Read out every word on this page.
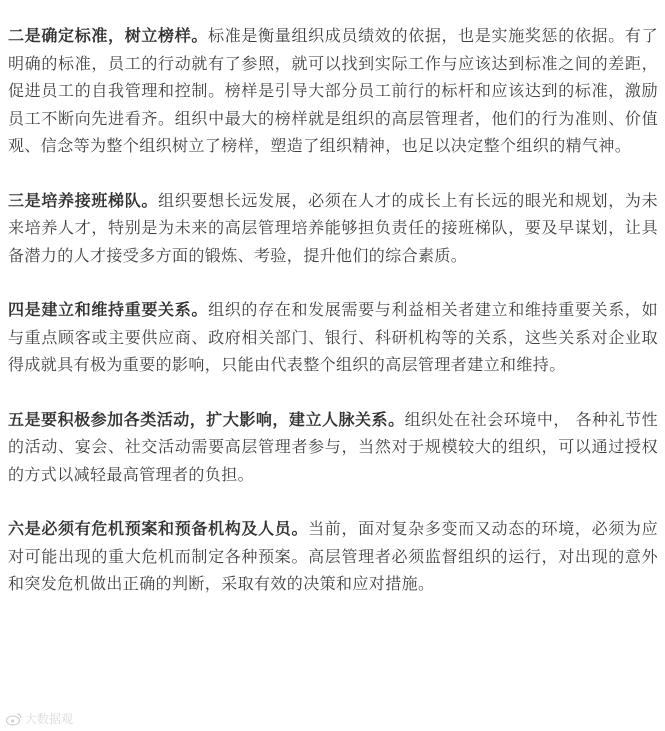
二是确定标准，树立榜样。标准是衡量组织成员绩效的依据，也是实施奖惩的依据。有了明确的标准，员工的行动就有了参照，就可以找到实际工作与应该达到标准之间的差距，促进员工的自我管理和控制。榜样是引导大部分员工前行的标杆和应该达到的标准，激励员工不断向先进看齐。组织中最大的榜样就是组织的高层管理者，他们的行为准则、价值观、信念等为整个组织树立了榜样，塑造了组织精神，也足以决定整个组织的精气神。

三是培养接班梯队。组织要想长远发展，必须在人才的成长上有长远的眼光和规划，为未来培养人才，特别是为未来的高层管理培养能够担负责任的接班梯队，要及早谋划，让具备潜力的人才接受多方面的锻炼、考验，提升他们的综合素质。

四是建立和维持重要关系。组织的存在和发展需要与利益相关者建立和维持重要关系，如与重点顾客或主要供应商、政府相关部门、银行、科研机构等的关系，这些关系对企业取得成就具有极为重要的影响，只能由代表整个组织的高层管理者建立和维持。

五是要积极参加各类活动，扩大影响，建立人脉关系。组织处在社会环境中， 各种礼节性的活动、宴会、社交活动需要高层管理者参与，当然对于规模较大的组织，可以通过授权的方式以减轻最高管理者的负担。

六是必须有危机预案和预备机构及人员。当前，面对复杂多变而又动态的环境，必须为应对可能出现的重大危机而制定各种预案。高层管理者必须监督组织的运行，对出现的意外和突发危机做出正确的判断，采取有效的决策和应对措施。

大数据观
